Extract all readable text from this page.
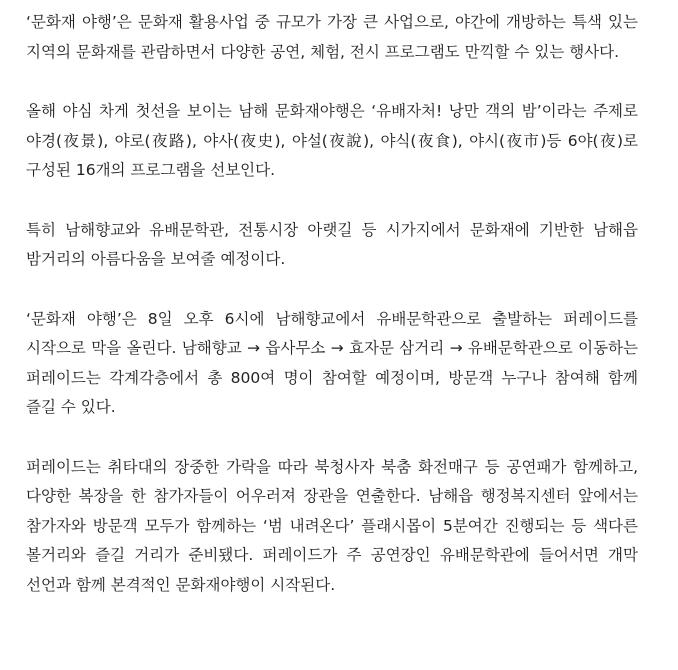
‘문화재 야행’은 문화재 활용사업 중 규모가 가장 큰 사업으로, 야간에 개방하는 특색 있는 지역의 문화재를 관람하면서 다양한 공연, 체험, 전시 프로그램도 만끽할 수 있는 행사다.

올해 야심 차게 첫선을 보이는 남해 문화재야행은 ‘유배자처! 낭만 객의 밤’이라는 주제로 야경(夜景), 야로(夜路), 야사(夜史), 야설(夜說), 야식(夜食), 야시(夜市)등 6야(夜)로 구성된 16개의 프로그램을 선보인다.

특히 남해향교와 유배문학관, 전통시장 아랫길 등 시가지에서 문화재에 기반한 남해읍 밤거리의 아름다움을 보여줄 예정이다.

‘문화재 야행’은 8일 오후 6시에 남해향교에서 유배문학관으로 출발하는 퍼레이드를 시작으로 막을 올린다. 남해향교 → 읍사무소 → 효자문 삼거리 → 유배문학관으로 이동하는 퍼레이드는 각계각층에서 총 800여 명이 참여할 예정이며, 방문객 누구나 참여해 함께 즐길 수 있다.

퍼레이드는 취타대의 장중한 가락을 따라 북청사자 북춤 화전매구 등 공연패가 함께하고, 다양한 복장을 한 참가자들이 어우러져 장관을 연출한다. 남해읍 행정복지센터 앞에서는 참가자와 방문객 모두가 함께하는 ‘범 내려온다’ 플래시몹이 5분여간 진행되는 등 색다른 볼거리와 즐길 거리가 준비됐다. 퍼레이드가 주 공연장인 유배문학관에 들어서면 개막 선언과 함께 본격적인 문화재야행이 시작된다.
